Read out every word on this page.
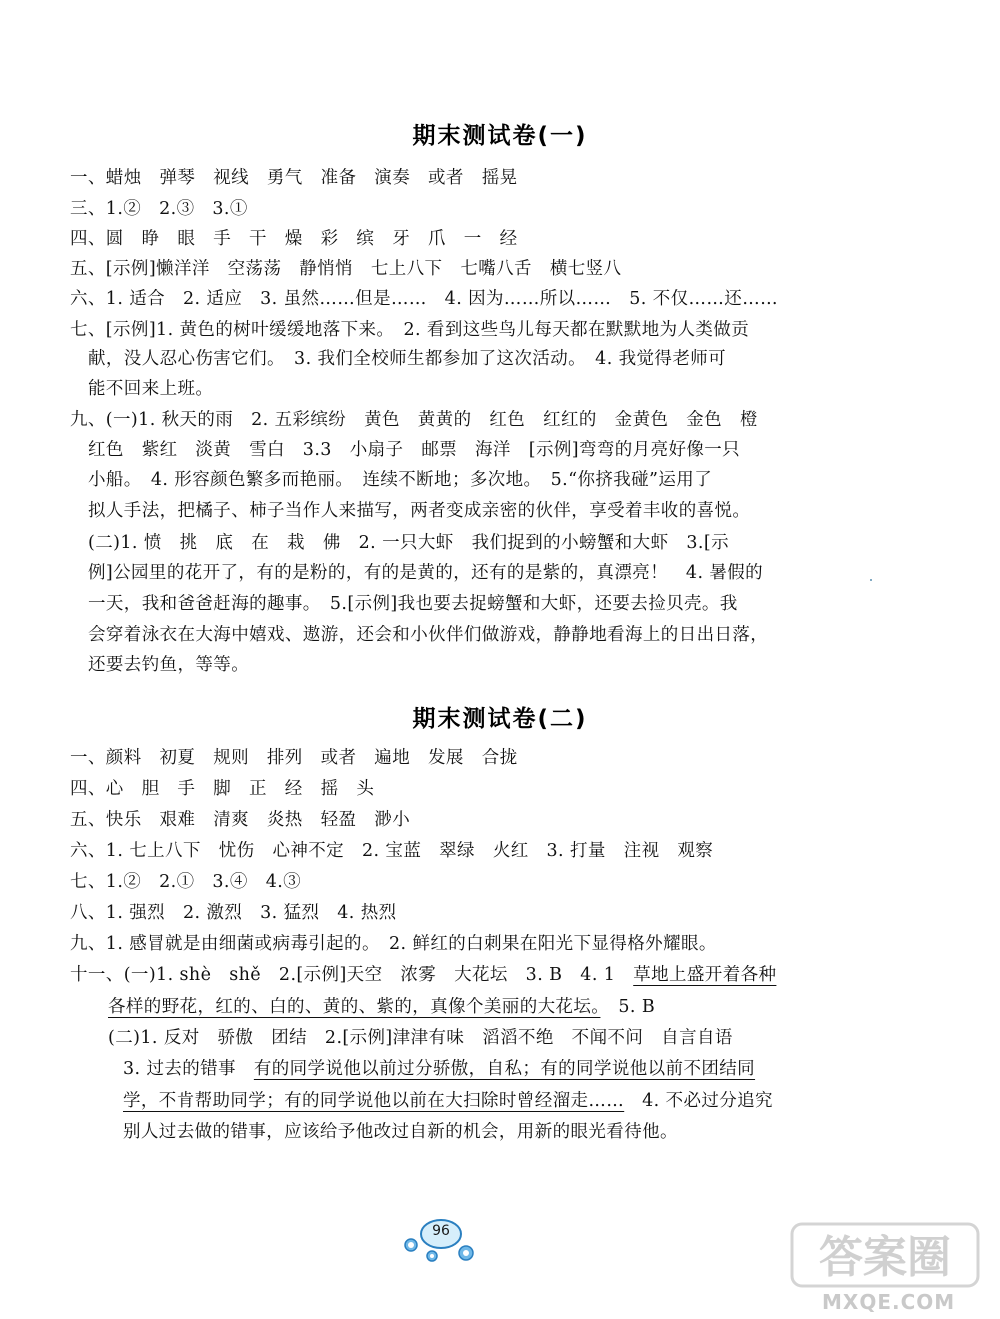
期末测试卷(一)
一、蜡烛　弹琴　视线　勇气　准备　演奏　或者　摇晃
三、1.②　2.③　3.①
四、圆　睁　眼　手　干　燥　彩　缤　牙　爪　一　经
五、[示例]懒洋洋　空荡荡　静悄悄　七上八下　七嘴八舌　横七竖八
六、1. 适合　2. 适应　3. 虽然……但是……　4. 因为……所以……　5. 不仅……还……
七、[示例]1. 黄色的树叶缓缓地落下来。　2. 看到这些鸟儿每天都在默默地为人类做贡
献，没人忍心伤害它们。　3. 我们全校师生都参加了这次活动。　4. 我觉得老师可
能不回来上班。
九、(一)1. 秋天的雨　2. 五彩缤纷　黄色　黄黄的　红色　红红的　金黄色　金色　橙
红色　紫红　淡黄　雪白　3.3　小扇子　邮票　海洋　[示例]弯弯的月亮好像一只
小船。　4. 形容颜色繁多而艳丽。　连续不断地；多次地。　5.“你挤我碰”运用了
拟人手法，把橘子、柿子当作人来描写，两者变成亲密的伙伴，享受着丰收的喜悦。
(二)1. 愤　挑　底　在　栽　佛　2. 一只大虾　我们捉到的小螃蟹和大虾　3.[示
例]公园里的花开了，有的是粉的，有的是黄的，还有的是紫的，真漂亮！　4. 暑假的
一天，我和爸爸赶海的趣事。　5.[示例]我也要去捉螃蟹和大虾，还要去捡贝壳。我
会穿着泳衣在大海中嬉戏、遨游，还会和小伙伴们做游戏，静静地看海上的日出日落，
还要去钓鱼，等等。
期末测试卷(二)
一、颜料　初夏　规则　排列　或者　遍地　发展　合拢
四、心　胆　手　脚　正　经　摇　头
五、快乐　艰难　清爽　炎热　轻盈　渺小
六、1. 七上八下　忧伤　心神不定　2. 宝蓝　翠绿　火红　3. 打量　注视　观察
七、1.②　2.①　3.④　4.③
八、1. 强烈　2. 激烈　3. 猛烈　4. 热烈
九、1. 感冒就是由细菌或病毒引起的。　2. 鲜红的白刺果在阳光下显得格外耀眼。
十一、(一)1. shè　shě　2.[示例]天空　浓雾　大花坛　3. B　4. 1　草地上盛开着各种
各样的野花，红的、白的、黄的、紫的，真像个美丽的大花坛。　5. B
(二)1. 反对　骄傲　团结　2.[示例]津津有味　滔滔不绝　不闻不问　自言自语
3. 过去的错事　有的同学说他以前过分骄傲，自私；有的同学说他以前不团结同
学，不肯帮助同学；有的同学说他以前在大扫除时曾经溜走……　4. 不必过分追究
别人过去做的错事，应该给予他改过自新的机会，用新的眼光看待他。
96
答案圈
MXQE.COM
